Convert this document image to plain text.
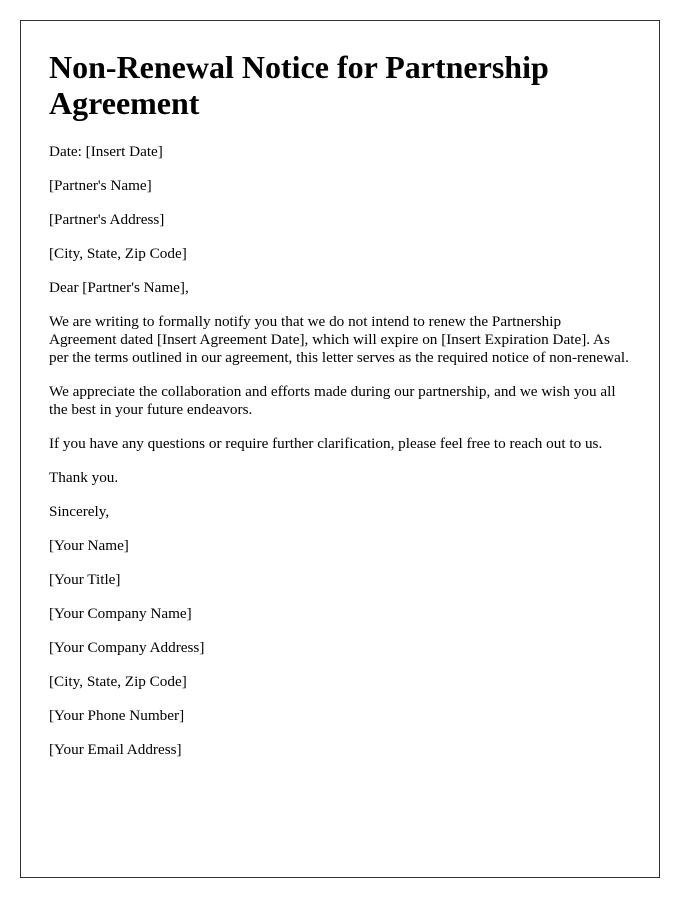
Non-Renewal Notice for Partnership Agreement

Date: [Insert Date]

[Partner's Name]

[Partner's Address]

[City, State, Zip Code]

Dear [Partner's Name],

We are writing to formally notify you that we do not intend to renew the Partnership Agreement dated [Insert Agreement Date], which will expire on [Insert Expiration Date]. As per the terms outlined in our agreement, this letter serves as the required notice of non-renewal.

We appreciate the collaboration and efforts made during our partnership, and we wish you all the best in your future endeavors.

If you have any questions or require further clarification, please feel free to reach out to us.

Thank you.

Sincerely,

[Your Name]

[Your Title]

[Your Company Name]

[Your Company Address]

[City, State, Zip Code]

[Your Phone Number]

[Your Email Address]
